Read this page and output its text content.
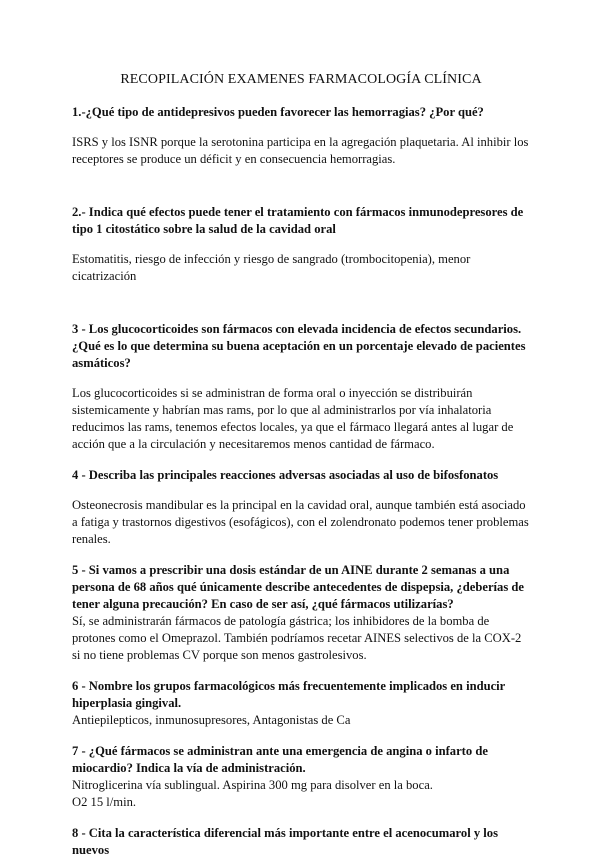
RECOPILACIÓN EXAMENES FARMACOLOGÍA CLÍNICA

1.-¿Qué tipo de antidepresivos pueden favorecer las hemorragias? ¿Por qué?

ISRS y los ISNR porque la serotonina participa en la agregación plaquetaria. Al inhibir los receptores se produce un déficit y en consecuencia hemorragias.

2.- Indica qué efectos puede tener el tratamiento con fármacos inmunodepresores de tipo 1 citostático sobre la salud de la cavidad oral

Estomatitis, riesgo de infección y riesgo de sangrado (trombocitopenia), menor cicatrización

3 - Los glucocorticoides son fármacos con elevada incidencia de efectos secundarios. ¿Qué es lo que determina su buena aceptación en un porcentaje elevado de pacientes asmáticos?

Los glucocorticoides si se administran de forma oral o inyección se distribuirán sistemicamente y habrían mas rams, por lo que al administrarlos por vía inhalatoria reducimos las rams, tenemos efectos locales, ya que el fármaco llegará antes al lugar de acción que a la circulación y necesitaremos menos cantidad de fármaco.

4 - Describa las principales reacciones adversas asociadas al uso de bifosfonatos

Osteonecrosis mandibular es la principal en la cavidad oral, aunque también está asociado a fatiga y trastornos digestivos (esofágicos), con el zolendronato podemos tener problemas renales.

5 - Si vamos a prescribir una dosis estándar de un AINE durante 2 semanas a una persona de 68 años qué únicamente describe antecedentes de dispepsia, ¿deberías de tener alguna precaución? En caso de ser así, ¿qué fármacos utilizarías?

Sí, se administrarán fármacos de patología gástrica; los inhibidores de la bomba de protones como el Omeprazol. También podríamos recetar AINES selectivos de la COX-2 si no tiene problemas CV porque son menos gastrolesivos.

6 - Nombre los grupos farmacológicos más frecuentemente implicados en inducir hiperplasia gingival.

Antiepilepticos, inmunosupresores, Antagonistas de Ca

7 - ¿Qué fármacos se administran ante una emergencia de angina o infarto de miocardio? Indica la vía de administración.

Nitroglicerina vía sublingual. Aspirina 300 mg para disolver en la boca.

O2 15 l/min.

8 - Cita la característica diferencial más importante entre el acenocumarol y los nuevos
